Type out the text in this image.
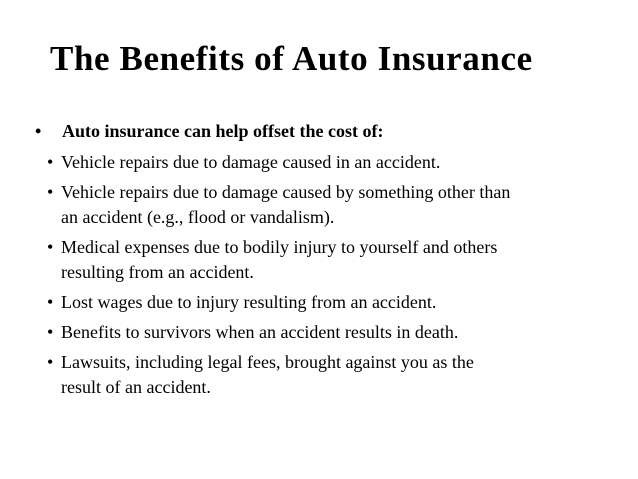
The Benefits of Auto Insurance
• Auto insurance can help offset the cost of:
• Vehicle repairs due to damage caused in an accident.
• Vehicle repairs due to damage caused by something other than
an accident (e.g., flood or vandalism).
• Medical expenses due to bodily injury to yourself and others
resulting from an accident.
• Lost wages due to injury resulting from an accident.
• Benefits to survivors when an accident results in death.
• Lawsuits, including legal fees, brought against you as the
result of an accident.
